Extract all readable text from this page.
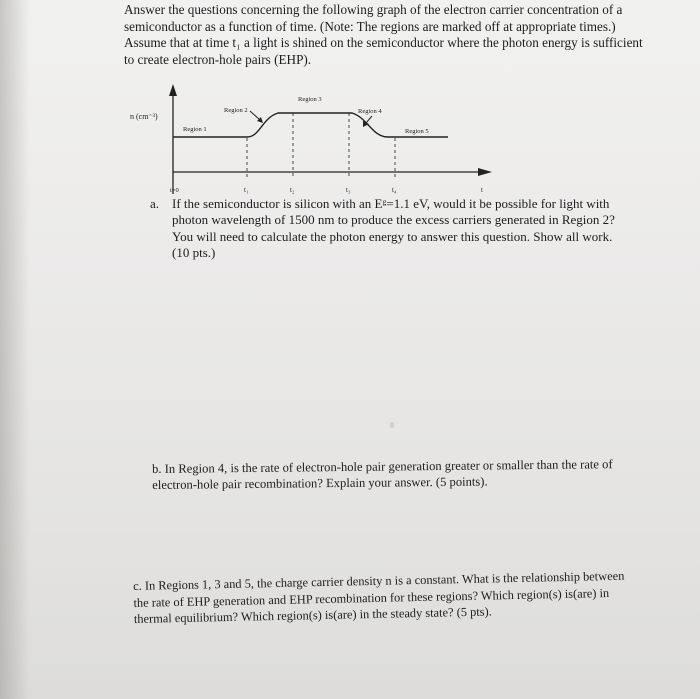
Answer the questions concerning the following graph of the electron carrier concentration of a semiconductor as a function of time. (Note: The regions are marked off at appropriate times.) Assume that at time t₁ a light is shined on the semiconductor where the photon energy is sufficient to create electron-hole pairs (EHP).

n (cm⁻³)
Region 1
Region 2
Region 3
Region 4
Region 5
t=0	t₁	t₂	t₃	t₄	t
a. If the semiconductor is silicon with an Eᵍ=1.1 eV, would it be possible for light with photon wavelength of 1500 nm to produce the excess carriers generated in Region 2? You will need to calculate the photon energy to answer this question. Show all work. (10 pts.)

b. In Region 4, is the rate of electron-hole pair generation greater or smaller than the rate of electron-hole pair recombination? Explain your answer. (5 points).

c. In Regions 1, 3 and 5, the charge carrier density n is a constant. What is the relationship between the rate of EHP generation and EHP recombination for these regions? Which region(s) is(are) in thermal equilibrium? Which region(s) is(are) in the steady state? (5 pts).
